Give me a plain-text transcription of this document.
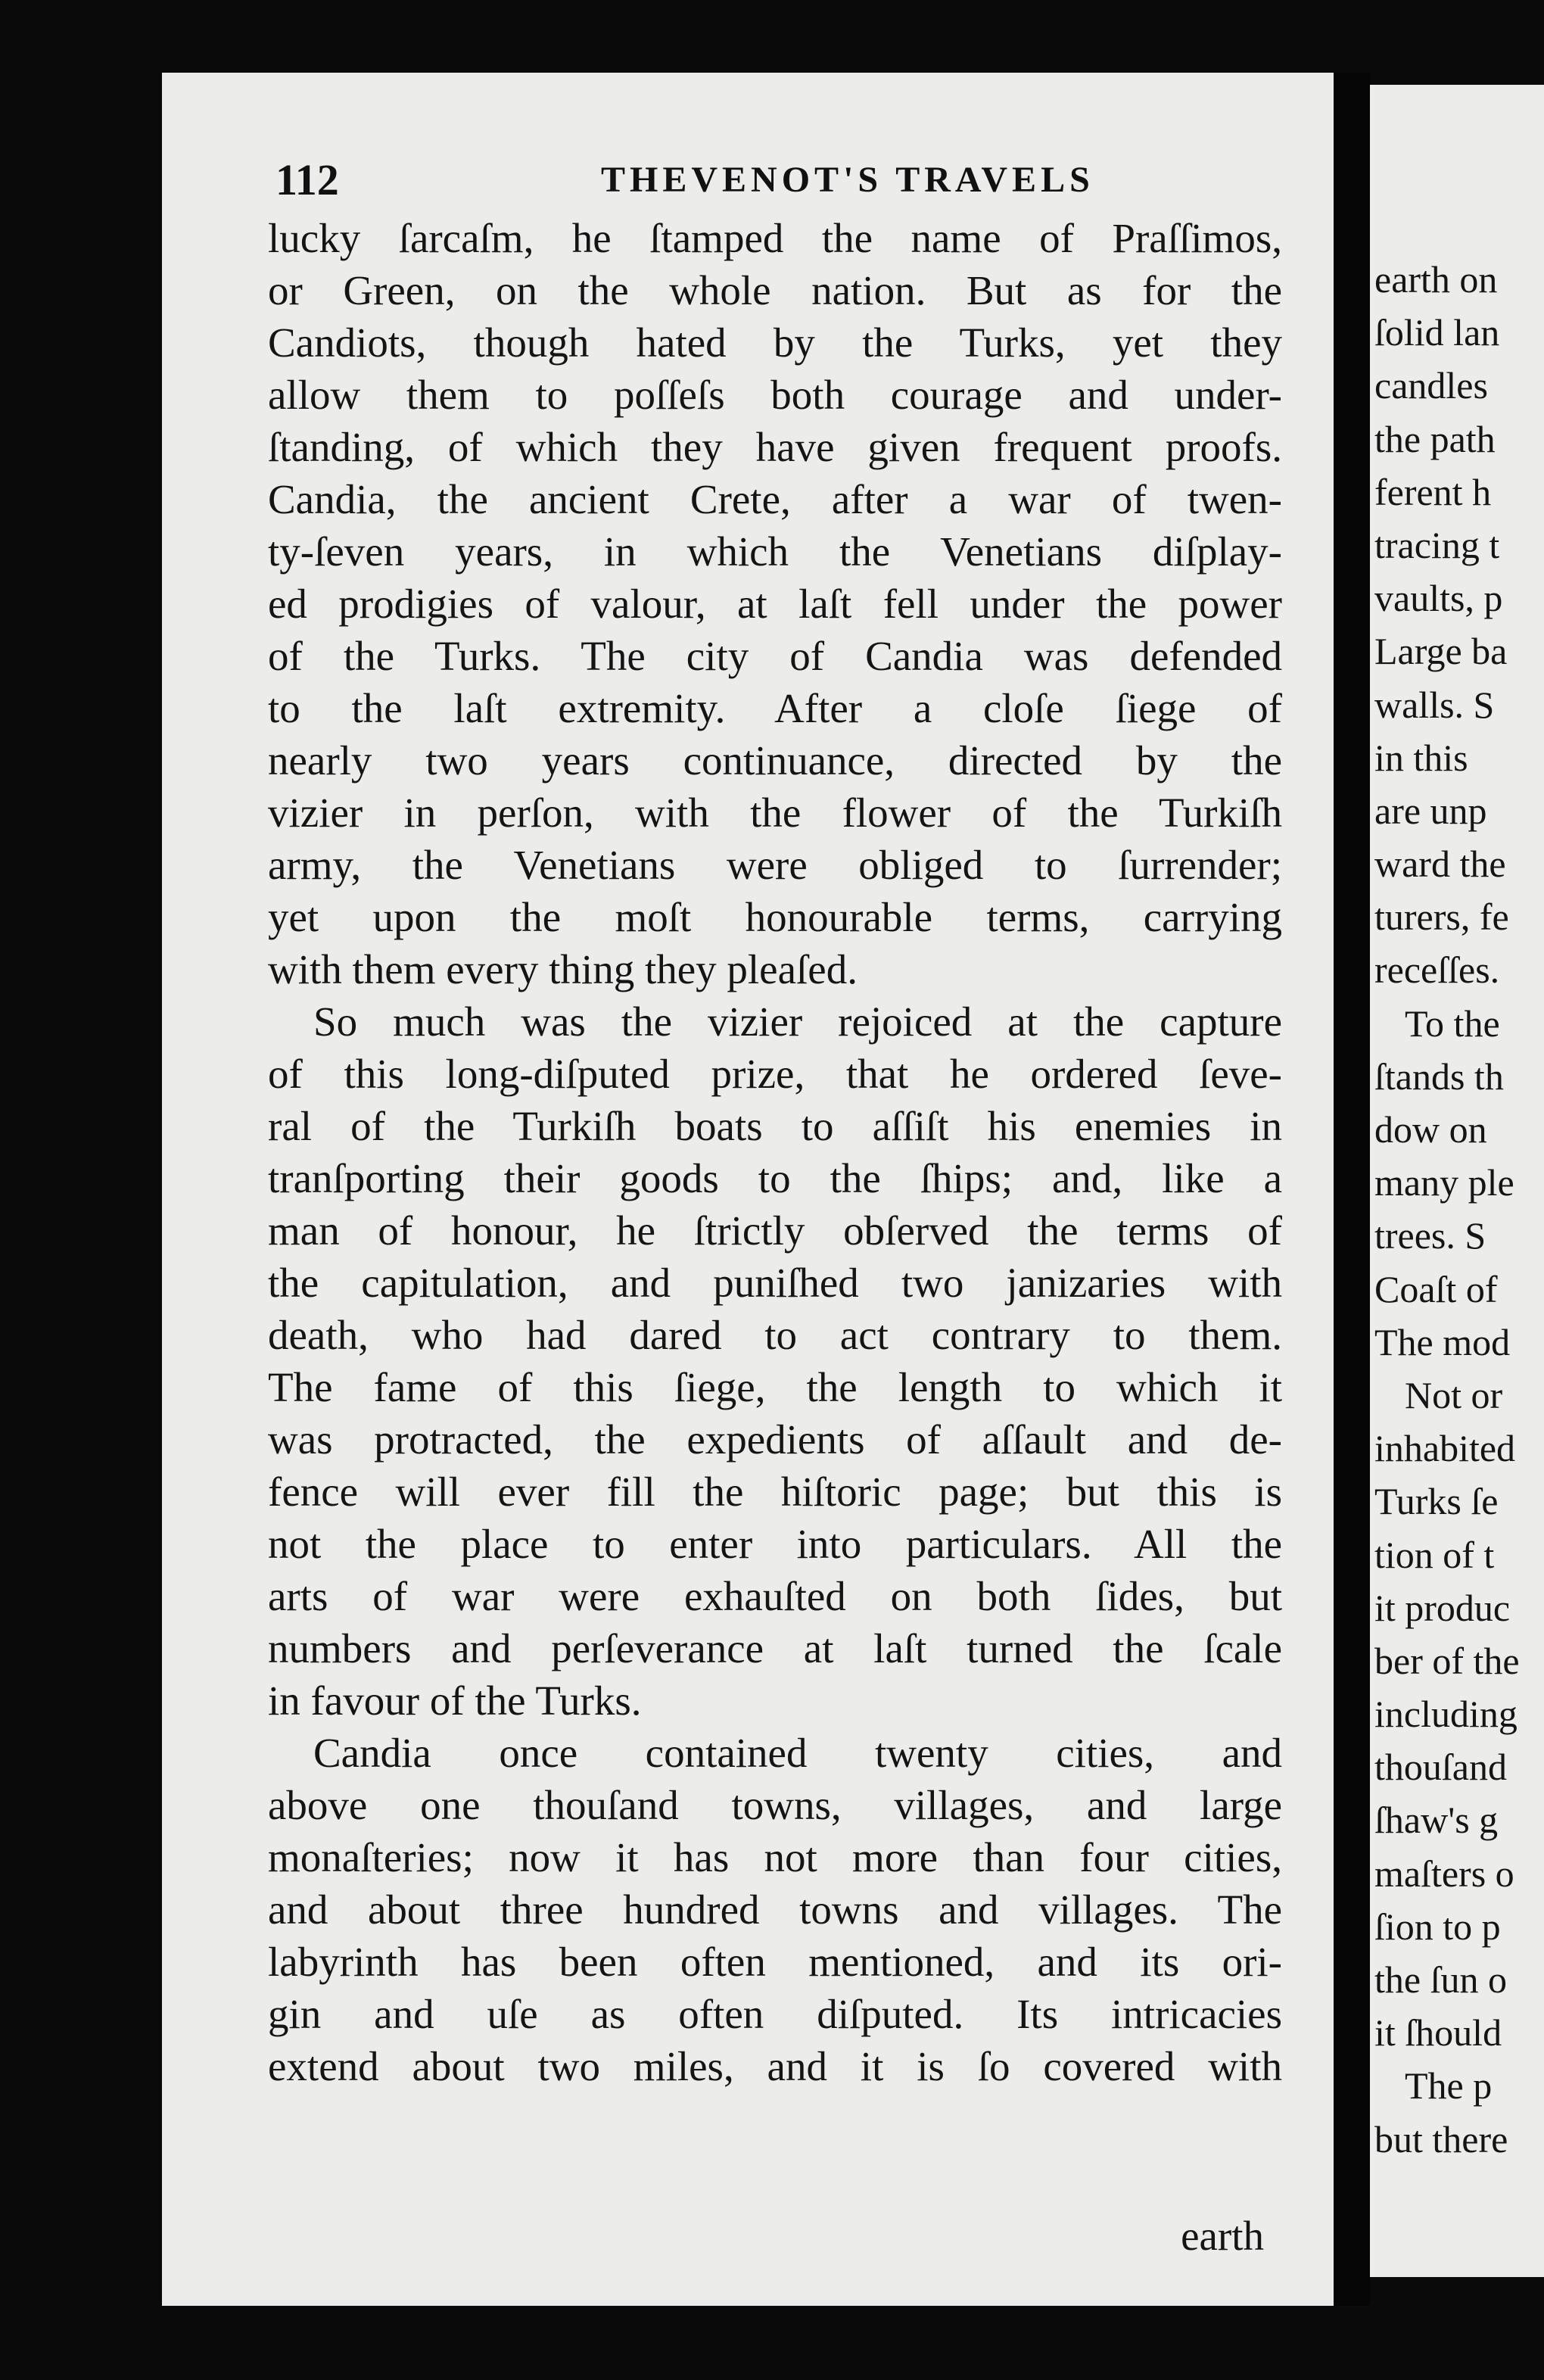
112	THEVENOT'S TRAVELS
lucky ſarcaſm, he ſtamped the name of Praſſimos,
or Green, on the whole nation. But as for the
Candiots, though hated by the Turks, yet they
allow them to poſſeſs both courage and under-
ſtanding, of which they have given frequent proofs.
Candia, the ancient Crete, after a war of twen-
ty-ſeven years, in which the Venetians diſplay-
ed prodigies of valour, at laſt fell under the power
of the Turks. The city of Candia was defended
to the laſt extremity. After a cloſe ſiege of
nearly two years continuance, directed by the
vizier in perſon, with the flower of the Turkiſh
army, the Venetians were obliged to ſurrender;
yet upon the moſt honourable terms, carrying
with them every thing they pleaſed.
So much was the vizier rejoiced at the capture
of this long-diſputed prize, that he ordered ſeve-
ral of the Turkiſh boats to aſſiſt his enemies in
tranſporting their goods to the ſhips; and, like a
man of honour, he ſtrictly obſerved the terms of
the capitulation, and puniſhed two janizaries with
death, who had dared to act contrary to them.
The fame of this ſiege, the length to which it
was protracted, the expedients of aſſault and de-
fence will ever fill the hiſtoric page; but this is
not the place to enter into particulars. All the
arts of war were exhauſted on both ſides, but
numbers and perſeverance at laſt turned the ſcale
in favour of the Turks.
Candia once contained twenty cities, and
above one thouſand towns, villages, and large
monaſteries; now it has not more than four cities,
and about three hundred towns and villages. The
labyrinth has been often mentioned, and its ori-
gin and uſe as often diſputed. Its intricacies
extend about two miles, and it is ſo covered with
earth
earth on
ſolid lan
candles
the path
ferent h
tracing t
vaults, p
Large ba
walls. S
in this
are unp
ward the
turers, fe
receſſes.
To the
ſtands th
dow on
many ple
trees. S
Coaſt of
The mod
Not or
inhabited
Turks ſe
tion of t
it produc
ber of the
including
thouſand
ſhaw's g
maſters o
ſion to p
the ſun o
it ſhould
The p
but there
